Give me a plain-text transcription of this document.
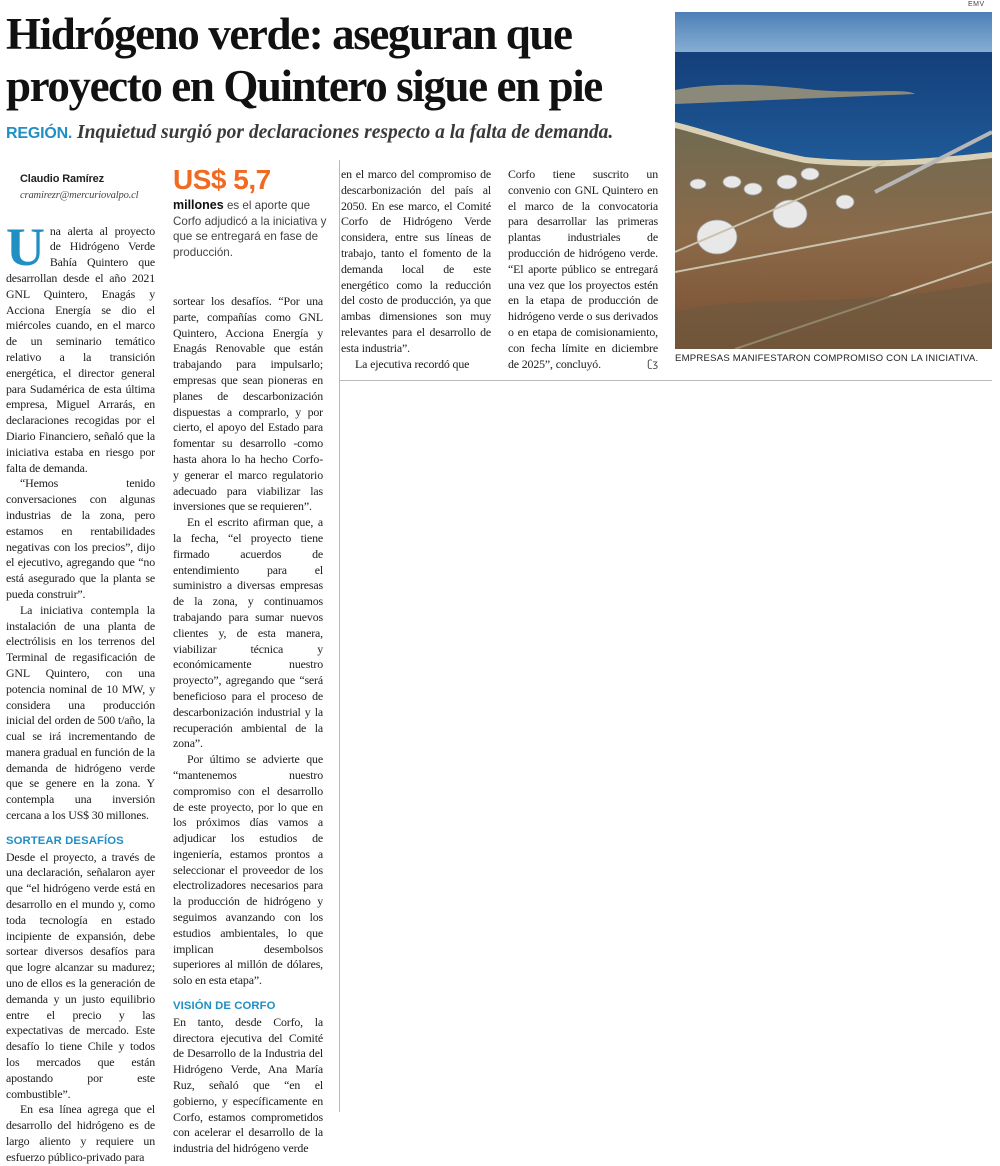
Hidrógeno verde: aseguran que proyecto en Quintero sigue en pie

REGIÓN. Inquietud surgió por declaraciones respecto a la falta de demanda.

EMV
EMPRESAS MANIFESTARON COMPROMISO CON LA INICIATIVA.

Claudio Ramírez

cramirezr@mercuriovalpo.cl

Una alerta al proyecto de Hidrógeno Verde Bahía Quintero que desarrollan desde el año 2021 GNL Quintero, Enagás y Acciona Energía se dio el miércoles cuando, en el marco de un seminario temático relativo a la transición energética, el director general para Sudamérica de esta última empresa, Miguel Arrarás, en declaraciones recogidas por el Diario Financiero, señaló que la iniciativa estaba en riesgo por falta de demanda.

“Hemos tenido conversaciones con algunas industrias de la zona, pero estamos en rentabilidades negativas con los precios”, dijo el ejecutivo, agregando que “no está asegurado que la planta se pueda construir”.

La iniciativa contempla la instalación de una planta de electrólisis en los terrenos del Terminal de regasificación de GNL Quintero, con una potencia nominal de 10 MW, y considera una producción inicial del orden de 500 t/año, la cual se irá incrementando de manera gradual en función de la demanda de hidrógeno verde que se genere en la zona. Y contempla una inversión cercana a los US$ 30 millones.

SORTEAR DESAFÍOS

Desde el proyecto, a través de una declaración, señalaron ayer que “el hidrógeno verde está en desarrollo en el mundo y, como toda tecnología en estado incipiente de expansión, debe sortear diversos desafíos para que logre alcanzar su madurez; uno de ellos es la generación de demanda y un justo equilibrio entre el precio y las expectativas de mercado. Este desafío lo tiene Chile y todos los mercados que están apostando por este combustible”.

En esa línea agrega que el desarrollo del hidrógeno es de largo aliento y requiere un esfuerzo público-privado para

US$ 5,7
millones es el aporte que Corfo adjudicó a la iniciativa y que se entregará en fase de producción.

sortear los desafíos. “Por una parte, compañías como GNL Quintero, Acciona Energía y Enagás Renovable que están trabajando para impulsarlo; empresas que sean pioneras en planes de descarbonización dispuestas a comprarlo, y por cierto, el apoyo del Estado para fomentar su desarrollo -como hasta ahora lo ha hecho Corfo- y generar el marco regulatorio adecuado para viabilizar las inversiones que se requieren”.

En el escrito afirman que, a la fecha, “el proyecto tiene firmado acuerdos de entendimiento para el suministro a diversas empresas de la zona, y continuamos trabajando para sumar nuevos clientes y, de esta manera, viabilizar técnica y económicamente nuestro proyecto”, agregando que “será beneficioso para el proceso de descarbonización industrial y la recuperación ambiental de la zona”.

Por último se advierte que “mantenemos nuestro compromiso con el desarrollo de este proyecto, por lo que en los próximos días vamos a adjudicar los estudios de ingeniería, estamos prontos a seleccionar el proveedor de los electrolizadores necesarios para la producción de hidrógeno y seguimos avanzando con los estudios ambientales, lo que implican desembolsos superiores al millón de dólares, solo en esta etapa”.

VISIÓN DE CORFO

En tanto, desde Corfo, la directora ejecutiva del Comité de Desarrollo de la Industria del Hidrógeno Verde, Ana María Ruz, señaló que “en el gobierno, y específicamente en Corfo, estamos comprometidos con acelerar el desarrollo de la industria del hidrógeno verde

en el marco del compromiso de descarbonización del país al 2050. En ese marco, el Comité Corfo de Hidrógeno Verde considera, entre sus líneas de trabajo, tanto el fomento de la demanda local de este energético como la reducción del costo de producción, ya que ambas dimensiones son muy relevantes para el desarrollo de esta industria”.

La ejecutiva recordó que

Corfo tiene suscrito un convenio con GNL Quintero en el marco de la convocatoria para desarrollar las primeras plantas industriales de producción de hidrógeno verde. “El aporte público se entregará una vez que los proyectos estén en la etapa de producción de hidrógeno verde o sus derivados o en etapa de comisionamiento, con fecha límite en diciembre de 2025”, concluyó.	ʗӡ
